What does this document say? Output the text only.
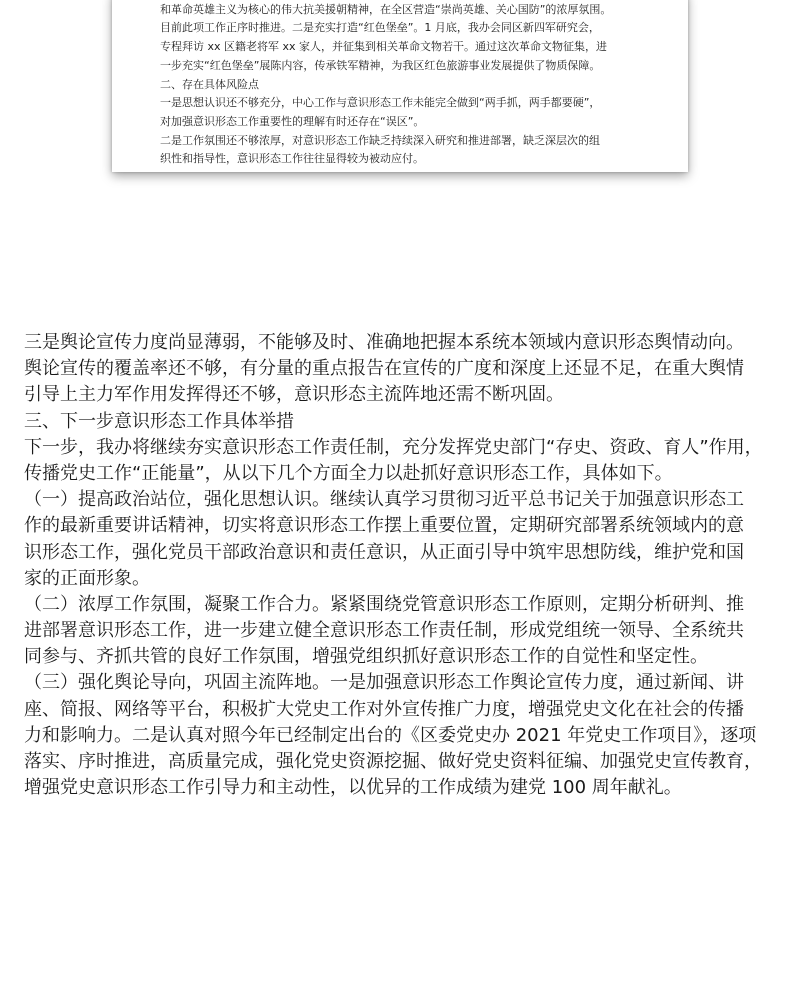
和革命英雄主义为核心的伟大抗美援朝精神，在全区营造“崇尚英雄、关心国防”的浓厚氛围。
目前此项工作正序时推进。二是充实打造“红色堡垒”。1 月底，我办会同区新四军研究会，
专程拜访 xx 区籍老将军 xx 家人，并征集到相关革命文物若干。通过这次革命文物征集，进
一步充实“红色堡垒”展陈内容，传承铁军精神，为我区红色旅游事业发展提供了物质保障。
二、存在具体风险点
一是思想认识还不够充分，中心工作与意识形态工作未能完全做到“两手抓，两手都要硬”，
对加强意识形态工作重要性的理解有时还存在“误区”。
二是工作氛围还不够浓厚，对意识形态工作缺乏持续深入研究和推进部署，缺乏深层次的组
织性和指导性，意识形态工作往往显得较为被动应付。
三是舆论宣传力度尚显薄弱，不能够及时、准确地把握本系统本领域内意识形态舆情动向。
舆论宣传的覆盖率还不够，有分量的重点报告在宣传的广度和深度上还显不足，在重大舆情
引导上主力军作用发挥得还不够，意识形态主流阵地还需不断巩固。
三、下一步意识形态工作具体举措
下一步，我办将继续夯实意识形态工作责任制，充分发挥党史部门“存史、资政、育人”作用，
传播党史工作“正能量”，从以下几个方面全力以赴抓好意识形态工作，具体如下。
（一）提高政治站位，强化思想认识。继续认真学习贯彻习近平总书记关于加强意识形态工
作的最新重要讲话精神，切实将意识形态工作摆上重要位置，定期研究部署系统领域内的意
识形态工作，强化党员干部政治意识和责任意识，从正面引导中筑牢思想防线，维护党和国
家的正面形象。
（二）浓厚工作氛围，凝聚工作合力。紧紧围绕党管意识形态工作原则，定期分析研判、推
进部署意识形态工作，进一步建立健全意识形态工作责任制，形成党组统一领导、全系统共
同参与、齐抓共管的良好工作氛围，增强党组织抓好意识形态工作的自觉性和坚定性。
（三）强化舆论导向，巩固主流阵地。一是加强意识形态工作舆论宣传力度，通过新闻、讲
座、简报、网络等平台，积极扩大党史工作对外宣传推广力度，增强党史文化在社会的传播
力和影响力。二是认真对照今年已经制定出台的《区委党史办 2021 年党史工作项目》，逐项
落实、序时推进，高质量完成，强化党史资源挖掘、做好党史资料征编、加强党史宣传教育，
增强党史意识形态工作引导力和主动性，以优异的工作成绩为建党 100 周年献礼。
